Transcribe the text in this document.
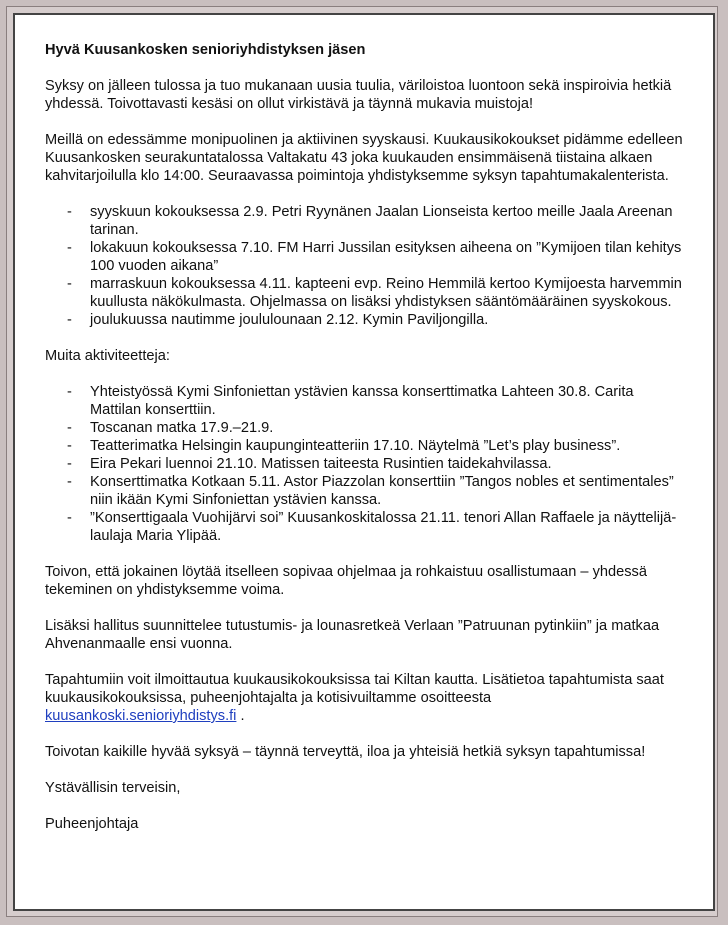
Hyvä Kuusankosken senioriyhdistyksen jäsen

Syksy on jälleen tulossa ja tuo mukanaan uusia tuulia, väriloistoa luontoon sekä inspiroivia hetkiä yhdessä. Toivottavasti kesäsi on ollut virkistävä ja täynnä mukavia muistoja!

Meillä on edessämme monipuolinen ja aktiivinen syyskausi. Kuukausikokoukset pidämme edelleen Kuusankosken seurakuntatalossa Valtakatu 43 joka kuukauden ensimmäisenä tiistaina alkaen kahvitarjoilulla klo 14:00. Seuraavassa poimintoja yhdistyksemme syksyn tapahtumakalenterista.

- syyskuun kokouksessa 2.9. Petri Ryynänen Jaalan Lionseista kertoo meille Jaala Areenan tarinan.
- lokakuun kokouksessa 7.10. FM Harri Jussilan esityksen aiheena on ”Kymijoen tilan kehitys 100 vuoden aikana”
- marraskuun kokouksessa 4.11. kapteeni evp. Reino Hemmilä kertoo Kymijoesta harvemmin kuullusta näkökulmasta. Ohjelmassa on lisäksi yhdistyksen sääntömääräinen syyskokous.
- joulukuussa nautimme joululounaan 2.12. Kymin Paviljongilla.

Muita aktiviteetteja:

- Yhteistyössä Kymi Sinfoniettan ystävien kanssa konserttimatka Lahteen 30.8. Carita Mattilan konserttiin.
- Toscanan matka 17.9.–21.9.
- Teatterimatka Helsingin kaupunginteatteriin 17.10. Näytelmä ”Let’s play business”.
- Eira Pekari luennoi 21.10. Matissen taiteesta Rusintien taidekahvilassa.
- Konserttimatka Kotkaan 5.11. Astor Piazzolan konserttiin ”Tangos nobles et sentimentales” niin ikään Kymi Sinfoniettan ystävien kanssa.
- ”Konserttigaala Vuohijärvi soi” Kuusankoskitalossa 21.11. tenori Allan Raffaele ja näyttelijä-laulaja Maria Ylipää.

Toivon, että jokainen löytää itselleen sopivaa ohjelmaa ja rohkaistuu osallistumaan – yhdessä tekeminen on yhdistyksemme voima.

Lisäksi hallitus suunnittelee tutustumis- ja lounasretkeä Verlaan ”Patruunan pytinkiin” ja matkaa Ahvenanmaalle ensi vuonna.

Tapahtumiin voit ilmoittautua kuukausikokouksissa tai Kiltan kautta. Lisätietoa tapahtumista saat kuukausikokouksissa, puheenjohtajalta ja kotisivuiltamme osoitteesta kuusankoski.senioriyhdistys.fi .

Toivotan kaikille hyvää syksyä – täynnä terveyttä, iloa ja yhteisiä hetkiä syksyn tapahtumissa!

Ystävällisin terveisin,

Puheenjohtaja
